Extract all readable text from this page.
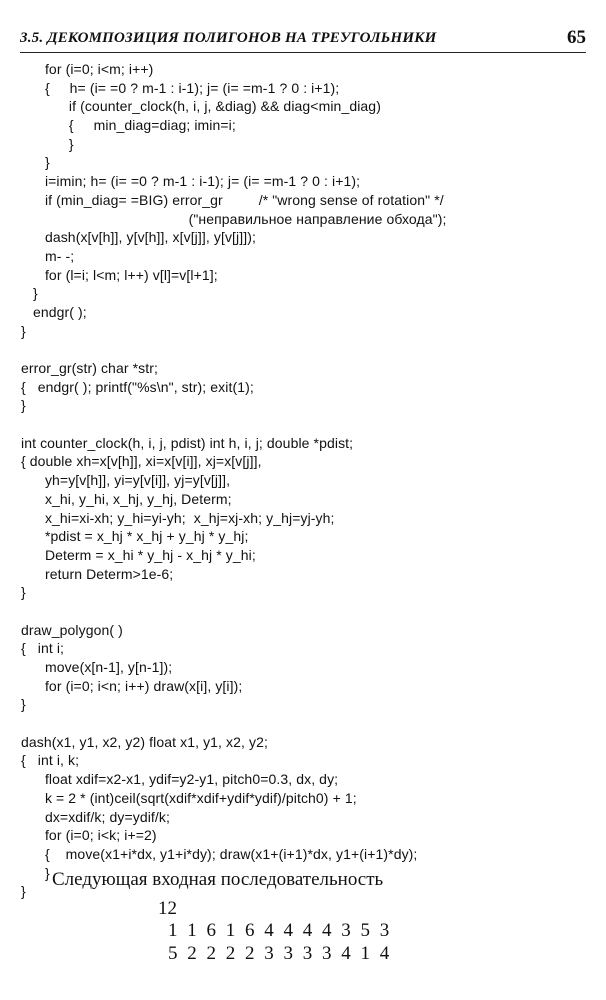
3.5. ДЕКОМПОЗИЦИЯ ПОЛИГОНОВ НА ТРЕУГОЛЬНИКИ	65
for (i=0; i<m; i++)
{     h= (i= =0 ? m-1 : i-1); j= (i= =m-1 ? 0 : i+1);
if (counter_clock(h, i, j, &diag) && diag<min_diag)
{     min_diag=diag; imin=i;
}
}
i=imin; h= (i= =0 ? m-1 : i-1); j= (i= =m-1 ? 0 : i+1);
if (min_diag= =BIG) error_gr         /* "wrong sense of rotation" */
("неправильное направление обхода");
dash(x[v[h]], y[v[h]], x[v[j]], y[v[j]]);
m- -;
for (l=i; l<m; l++) v[l]=v[l+1];
}
endgr( );
}
error_gr(str) char *str;
{   endgr( ); printf("%s\n", str); exit(1);
}
int counter_clock(h, i, j, pdist) int h, i, j; double *pdist;
{ double xh=x[v[h]], xi=x[v[i]], xj=x[v[j]],
yh=y[v[h]], yi=y[v[i]], yj=y[v[j]],
x_hi, y_hi, x_hj, y_hj, Determ;
x_hi=xi-xh; y_hi=yi-yh;  x_hj=xj-xh; y_hj=yj-yh;
*pdist = x_hj * x_hj + y_hj * y_hj;
Determ = x_hi * y_hj - x_hj * y_hi;
return Determ>1e-6;
}
draw_polygon( )
{   int i;
move(x[n-1], y[n-1]);
for (i=0; i<n; i++) draw(x[i], y[i]);
}
dash(x1, y1, x2, y2) float x1, y1, x2, y2;
{   int i, k;
float xdif=x2-x1, ydif=y2-y1, pitch0=0.3, dx, dy;
k = 2 * (int)ceil(sqrt(xdif*xdif+ydif*ydif)/pitch0) + 1;
dx=xdif/k; dy=ydif/k;
for (i=0; i<k; i+=2)
{    move(x1+i*dx, y1+i*dy); draw(x1+(i+1)*dx, y1+(i+1)*dy);
}
}
Следующая входная последовательность
12
1 1 6 1 6 4 4 4 4 3 5 3
5 2 2 2 2 3 3 3 3 4 1 4
